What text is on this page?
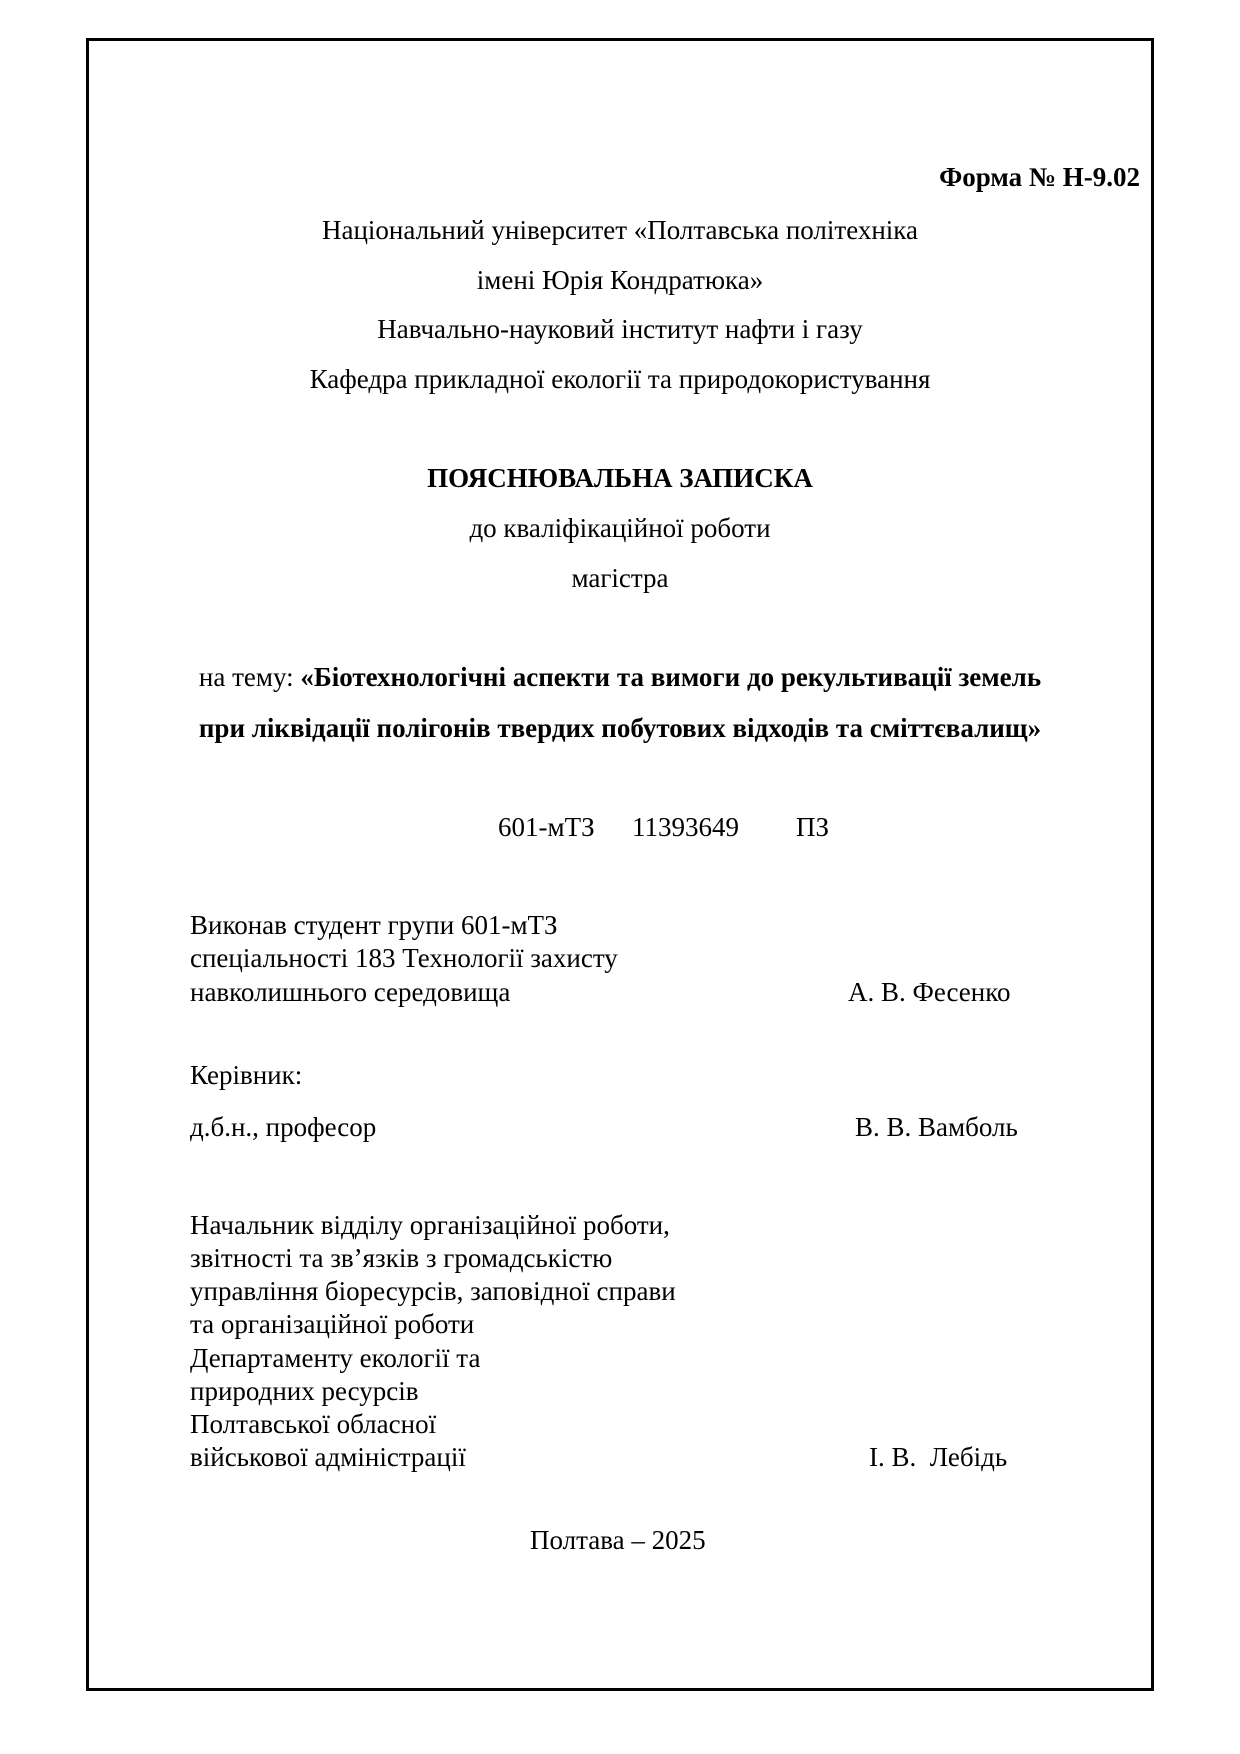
Форма № Н-9.02
Національний університет «Полтавська політехніка
імені Юрія Кондратюка»
Навчально-науковий інститут нафти і газу
Кафедра прикладної екології та природокористування
ПОЯСНЮВАЛЬНА ЗАПИСКА
до кваліфікаційної роботи
магістра
на тему: «Біотехнологічні аспекти та вимоги до рекультивації земель
при ліквідації полігонів твердих побутових відходів та сміттєвалищ»
601-мТЗ 11393649 ПЗ
Виконав студент групи 601-мТЗ
спеціальності 183 Технології захисту
навколишнього середовища	А. В. Фесенко
Керівник:
д.б.н., професор	В. В. Вамболь
Начальник відділу організаційної роботи,
звітності та зв’язків з громадськістю
управління біоресурсів, заповідної справи
та організаційної роботи
Департаменту екології та
природних ресурсів
Полтавської обласної
військової адміністрації	І. В.  Лебідь
Полтава – 2025
